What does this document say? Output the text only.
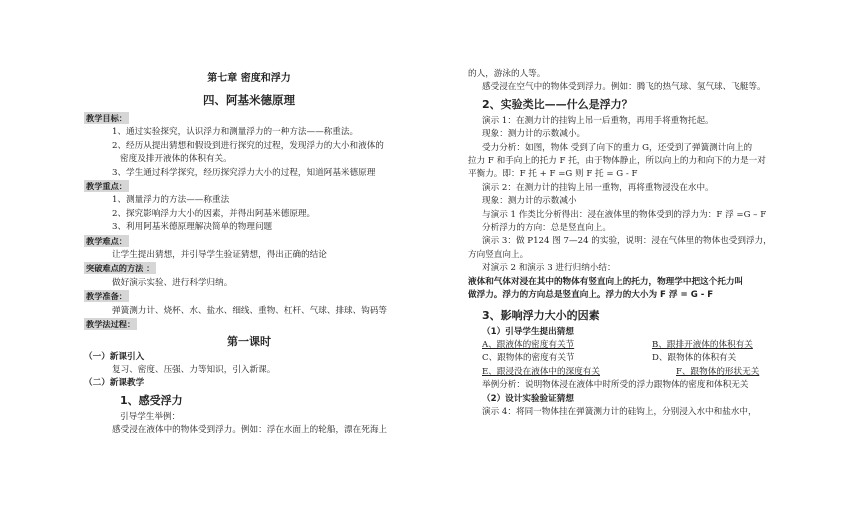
第七章 密度和浮力
四、阿基米德原理
教学目标：
1、通过实验探究，认识浮力和测量浮力的一种方法——称重法。
2、经历从提出猜想和假设到进行探究的过程，发现浮力的大小和液体的
密度及排开液体的体积有关。
3、学生通过科学探究，经历探究浮力大小的过程，知道阿基米德原理
教学重点：
1、测量浮力的方法——称重法
2、探究影响浮力大小的因素，并得出阿基米德原理。
3、利用阿基米德原理解决简单的物理问题
教学难点：
让学生提出猜想，并引导学生验证猜想，得出正确的结论
突破难点的方法 ：
做好演示实验、进行科学归纳。
教学准备：
弹簧测力计、烧杯、水、盐水、细线、重物、杠杆、气球、排球、钩码等
教学法过程：
第一课时
（一）新课引入
复习、密度、压强、力等知识，引入新课。
（二）新课教学
1、感受浮力
引导学生举例：
感受浸在液体中的物体受到浮力。例如：浮在水面上的轮船，漂在死海上
的人，游泳的人等。
感受浸在空气中的物体受到浮力。例如：腾飞的热气球、氢气球、飞艇等。
2、实验类比——什么是浮力？
演示 1：在测力计的挂钩上吊一后重物，再用手将重物托起。
现象：测力计的示数减小。
受力分析：如图，物体 受到了向下的重力 G，还受到了弹簧测计向上的
拉力 F 和手向上的托力 F 托，由于物体静止，所以向上的力和向下的力是一对
平衡力。即：F 托 + F =G 则 F 托 = G - F
演示 2：在测力计的挂钩上吊一重物，再将重物浸没在水中。
现象：测力计的示数减小
与演示 1 作类比分析得出：浸在液体里的物体受到的浮力为：F 浮 =G – F
分析浮力的方向：总是竖直向上。
演示 3：做 P124 图 7—24 的实验，说明：浸在气体里的物体也受到浮力，
方向竖直向上。
对演示 2 和演示 3 进行归纳小结：
液体和气体对浸在其中的物体有竖直向上的托力，物理学中把这个托力叫
做浮力。浮力的方向总是竖直向上。浮力的大小为 F 浮 = G - F
3、影响浮力大小的因素
（1）引导学生提出猜想
A、跟液体的密度有关节	B、跟排开液体的体积有关
C、跟物体的密度有关节	D、跟物体的体积有关
E、跟浸没在液体中的深度有关	F、跟物体的形状无关
举例分析：说明物体浸在液体中时所受的浮力跟物体的密度和体积无关
（2）设计实验验证猜想
演示 4：将同一物体挂在弹簧测力计的硅钩上，分别浸入水中和盐水中，
